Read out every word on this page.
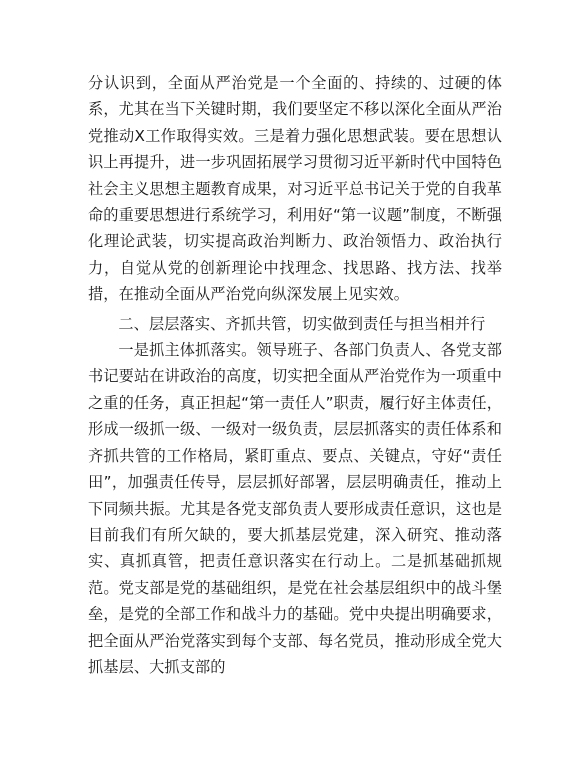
分认识到，全面从严治党是一个全面的、持续的、过硬的体系，尤其在当下关键时期，我们要坚定不移以深化全面从严治党推动X工作取得实效。三是着力强化思想武装。要在思想认识上再提升，进一步巩固拓展学习贯彻习近平新时代中国特色社会主义思想主题教育成果，对习近平总书记关于党的自我革命的重要思想进行系统学习，利用好“第一议题”制度，不断强化理论武装，切实提高政治判断力、政治领悟力、政治执行力，自觉从党的创新理论中找理念、找思路、找方法、找举措，在推动全面从严治党向纵深发展上见实效。

二、层层落实、齐抓共管，切实做到责任与担当相并行

一是抓主体抓落实。领导班子、各部门负责人、各党支部书记要站在讲政治的高度，切实把全面从严治党作为一项重中之重的任务，真正担起“第一责任人”职责，履行好主体责任，形成一级抓一级、一级对一级负责，层层抓落实的责任体系和齐抓共管的工作格局，紧盯重点、要点、关键点，守好“责任田”，加强责任传导，层层抓好部署，层层明确责任，推动上下同频共振。尤其是各党支部负责人要形成责任意识，这也是目前我们有所欠缺的，要大抓基层党建，深入研究、推动落实、真抓真管，把责任意识落实在行动上。二是抓基础抓规范。党支部是党的基础组织，是党在社会基层组织中的战斗堡垒，是党的全部工作和战斗力的基础。党中央提出明确要求，把全面从严治党落实到每个支部、每名党员，推动形成全党大抓基层、大抓支部的
